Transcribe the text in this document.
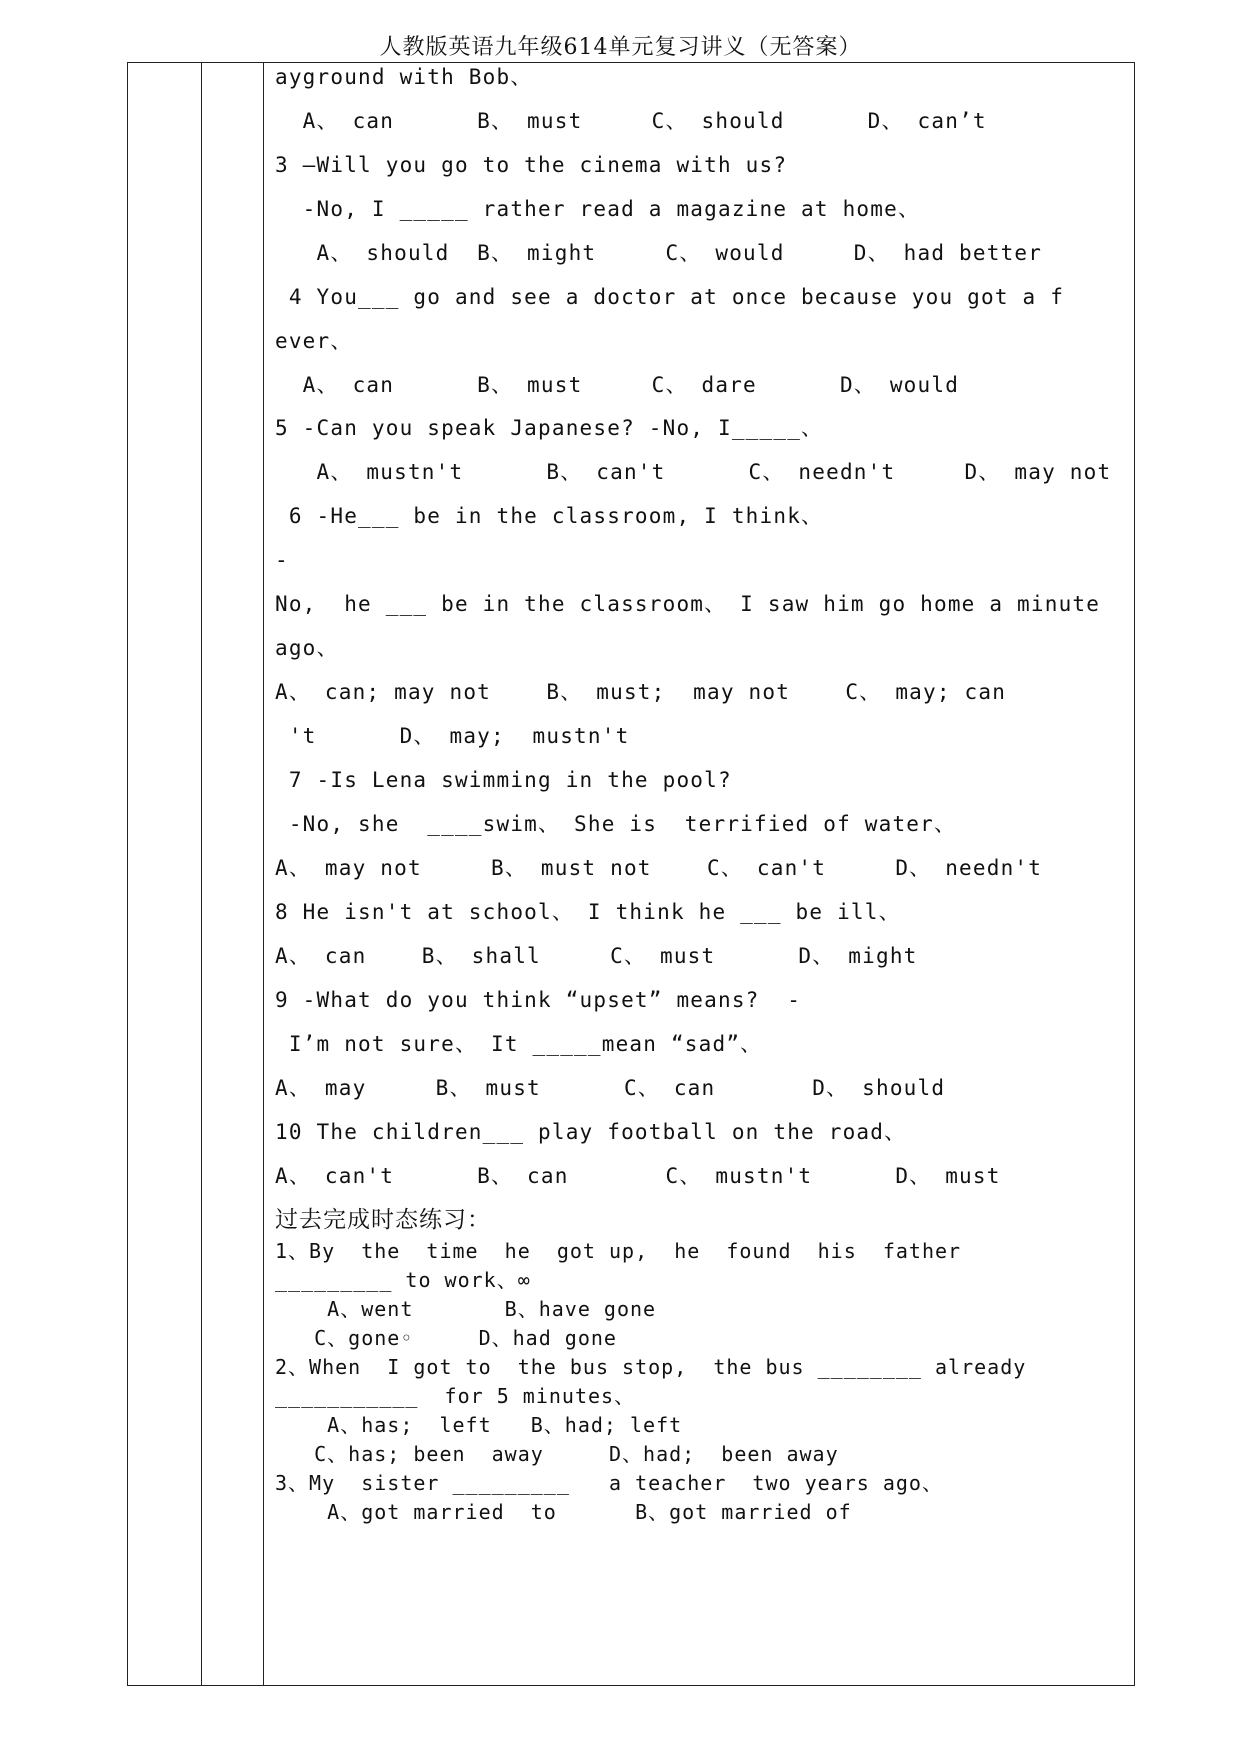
人教版英语九年级614单元复习讲义（无答案）
ayground with Bob、
A、 can      B、 must     C、 should      D、 can’t
3 —Will you go to the cinema with us?
-No, I _____ rather read a magazine at home、
A、 should  B、 might     C、 would     D、 had better
4 You___ go and see a doctor at once because you got a f
ever、
A、 can      B、 must     C、 dare      D、 would
5 -Can you speak Japanese? -No, I_____、
A、 mustn't      B、 can't      C、 needn't     D、 may not
6 -He___ be in the classroom, I think、
-
No,  he ___ be in the classroom、 I saw him go home a minute
ago、
A、 can; may not    B、 must;  may not    C、 may; can
't      D、 may;  mustn't
7 -Is Lena swimming in the pool?
-No, she  ____swim、 She is  terrified of water、
A、 may not     B、 must not    C、 can't     D、 needn't
8 He isn't at school、 I think he ___ be ill、
A、 can    B、 shall     C、 must      D、 might
9 -What do you think “upset” means?  -
I’m not sure、 It _____mean “sad”、
A、 may     B、 must      C、 can       D、 should
10 The children___ play football on the road、
A、 can't      B、 can       C、 mustn't      D、 must
过去完成时态练习：
1、By  the  time  he  got up,  he  found  his  father
_________ to work、∞
A、went       B、have gone
C、gone◦     D、had gone
2、When  I got to  the bus stop,  the bus ________ already
___________  for 5 minutes、
A、has;  left   B、had; left
C、has; been  away     D、had;  been away
3、My  sister _________   a teacher  two years ago、
A、got married  to      B、got married of
